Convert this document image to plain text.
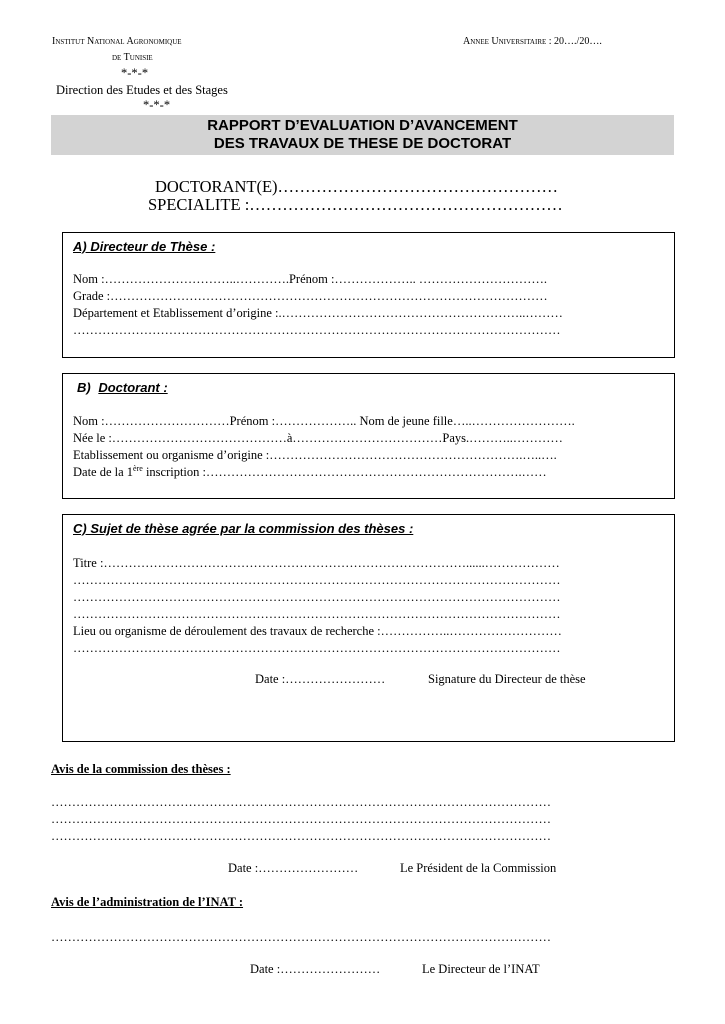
Institut National Agronomique
de Tunisie
*-*-*
Direction des Etudes et des Stages
*-*-*
Annee Universitaire : 20…./20….
RAPPORT D’EVALUATION D’AVANCEMENT
DES TRAVAUX DE THESE DE DOCTORAT
DOCTORANT(E)……………………………………………
SPECIALITE :…………………………………………………
A) Directeur de Thèse :
Nom :…………………………..………….Prénom :……………….. ………………………….
Grade :……………………………………………………………………………………………
Département et Etablissement d’origine :.…………………………………………………..………
………………………………………………………………………………………………………
B) Doctorant :
Nom :…………………………Prénom :……………….. Nom de jeune fille…..…………………….
Née le :……………………………………à………………………………Pays.………..…………
Etablissement ou organisme d’origine :…………………………………………………….…..….
Date de la 1ère inscription :………………………………………………………………….……
C) Sujet de thèse agrée par la commission des thèses :
Titre :……………………………………………………………………………......………………
………………………………………………………………………………………………………
………………………………………………………………………………………………………
………………………………………………………………………………………………………
Lieu ou organisme de déroulement des travaux de recherche :……………..………………………
………………………………………………………………………………………………………
Date :……………………	Signature du Directeur de thèse
Avis de la commission des thèses :
…………………………………………………………………………………………………………
…………………………………………………………………………………………………………
…………………………………………………………………………………………………………
Date :……………………	Le Président de la Commission
Avis de l’administration de l’INAT :
…………………………………………………………………………………………………………
Date :……………………	Le Directeur de l’INAT
